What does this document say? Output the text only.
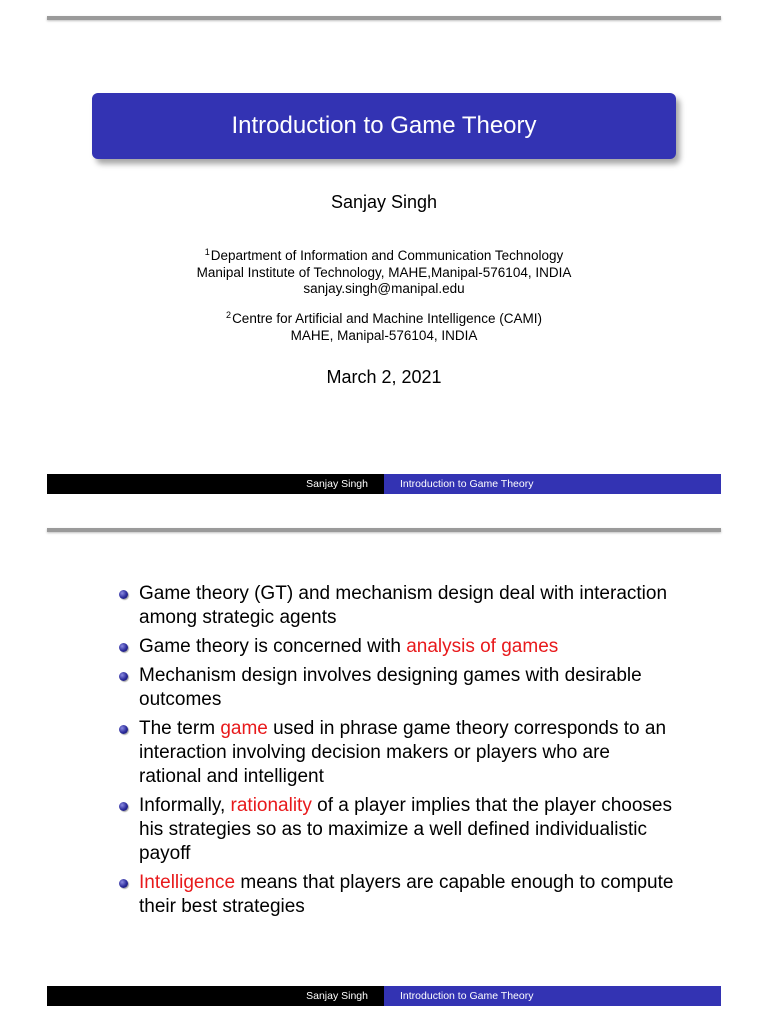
Introduction to Game Theory
Sanjay Singh
$^1$Department of Information and Communication Technology
Manipal Institute of Technology, MAHE,Manipal-576104, INDIA
sanjay.singh@manipal.edu
$^2$Centre for Artificial and Machine Intelligence (CAMI)
MAHE, Manipal-576104, INDIA
March 2, 2021
Sanjay Singh	Introduction to Game Theory
Game theory (GT) and mechanism design deal with interaction among strategic agents
Game theory is concerned with analysis of games
Mechanism design involves designing games with desirable outcomes
The term game used in phrase game theory corresponds to an interaction involving decision makers or players who are rational and intelligent
Informally, rationality of a player implies that the player chooses his strategies so as to maximize a well defined individualistic payoff
Intelligence means that players are capable enough to compute their best strategies
Sanjay Singh	Introduction to Game Theory
